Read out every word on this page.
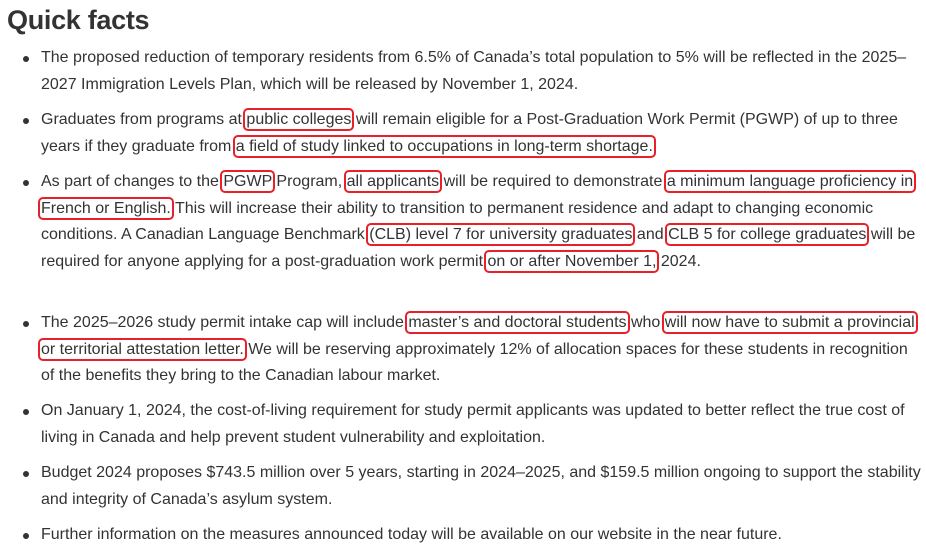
Quick facts
The proposed reduction of temporary residents from 6.5% of Canada’s total population to 5% will be reflected in the 2025–2027 Immigration Levels Plan, which will be released by November 1, 2024.
Graduates from programs at public colleges will remain eligible for a Post-Graduation Work Permit (PGWP) of up to three years if they graduate from a field of study linked to occupations in long-term shortage.
As part of changes to the PGWP Program, all applicants will be required to demonstrate a minimum language proficiency in French or English. This will increase their ability to transition to permanent residence and adapt to changing economic conditions. A Canadian Language Benchmark (CLB) level 7 for university graduates and CLB 5 for college graduates will be required for anyone applying for a post-graduation work permit on or after November 1, 2024.
The 2025–2026 study permit intake cap will include master’s and doctoral students who will now have to submit a provincial or territorial attestation letter. We will be reserving approximately 12% of allocation spaces for these students in recognition of the benefits they bring to the Canadian labour market.
On January 1, 2024, the cost-of-living requirement for study permit applicants was updated to better reflect the true cost of living in Canada and help prevent student vulnerability and exploitation.
Budget 2024 proposes $743.5 million over 5 years, starting in 2024–2025, and $159.5 million ongoing to support the stability and integrity of Canada’s asylum system.
Further information on the measures announced today will be available on our website in the near future.
